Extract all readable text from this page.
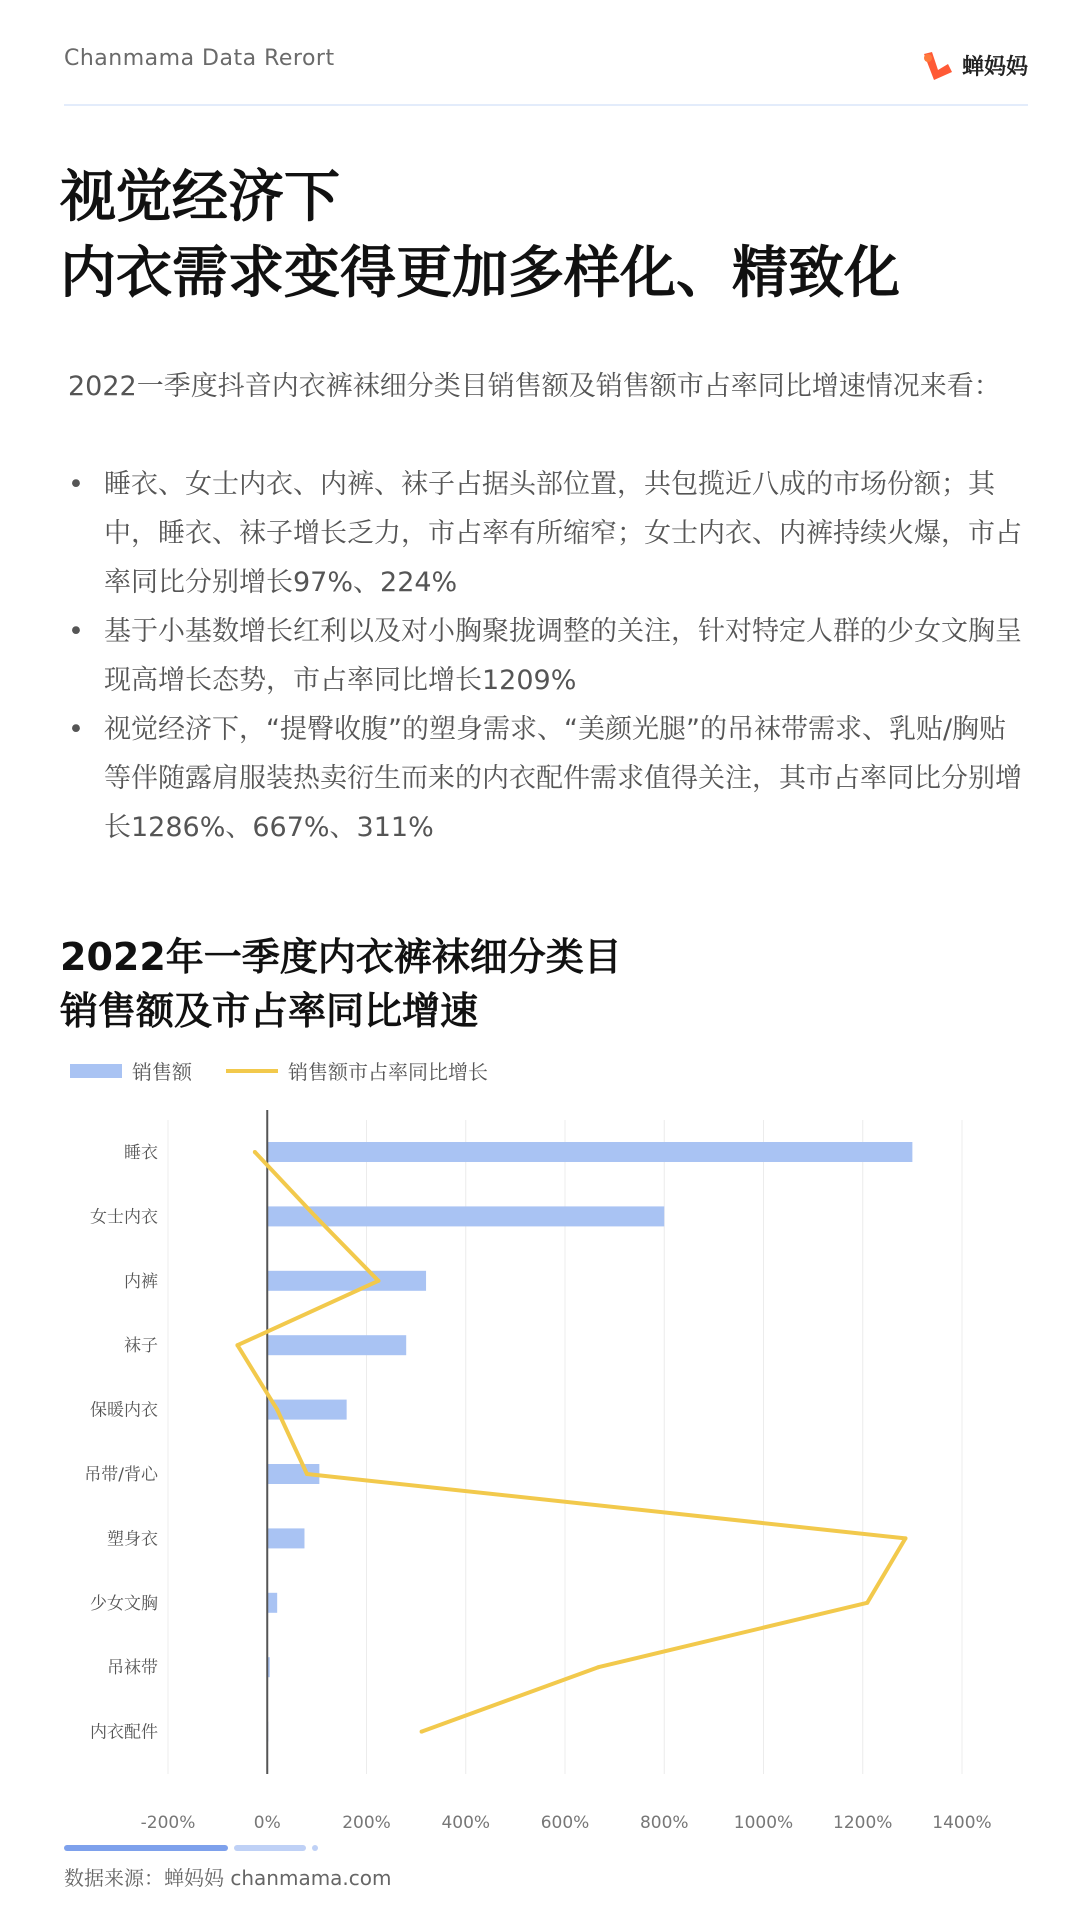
Chanmama Data Rerort	蝉妈妈
视觉经济下
内衣需求变得更加多样化、精致化

2022一季度抖音内衣裤袜细分类目销售额及销售额市占率同比增速情况来看：

• 睡衣、女士内衣、内裤、袜子占据头部位置，共包揽近八成的市场份额；其中，睡衣、袜子增长乏力，市占率有所缩窄；女士内衣、内裤持续火爆，市占率同比分别增长97%、224%
• 基于小基数增长红利以及对小胸聚拢调整的关注，针对特定人群的少女文胸呈现高增长态势，市占率同比增长1209%
• 视觉经济下，“提臀收腹”的塑身需求、“美颜光腿”的吊袜带需求、乳贴/胸贴等伴随露肩服装热卖衍生而来的内衣配件需求值得关注，其市占率同比分别增长1286%、667%、311%
2022年一季度内衣裤袜细分类目
销售额及市占率同比增速
销售额	销售额市占率同比增长
睡衣
女士内衣
内裤
袜子
保暖内衣
吊带/背心
塑身衣
少女文胸
吊袜带
内衣配件
-200%	0%	200%	400%	600%	800%	1000% 1200% 1400%
数据来源：蝉妈妈 chanmama.com
